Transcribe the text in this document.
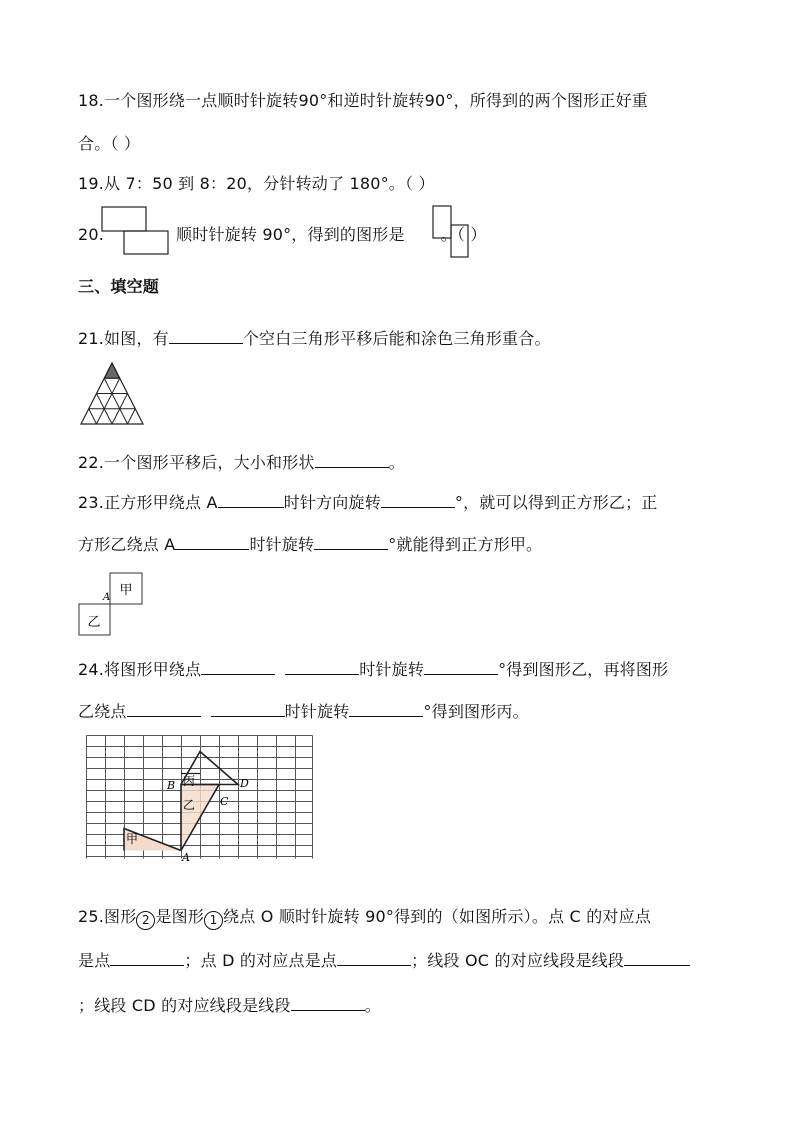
18.一个图形绕一点顺时针旋转90°和逆时针旋转90°，所得到的两个图形正好重
合。（ ）
19.从 7：50 到 8：20，分针转动了 180°。（ ）
20.	顺时针旋转 90°，得到的图形是 。（ ）
三、填空题
21.如图，有	个空白三角形平移后能和涂色三角形重合。
22.一个图形平移后，大小和形状	。
23.正方形甲绕点 A	时针方向旋转	°，就可以得到正方形乙；正
方形乙绕点 A	时针旋转	°就能得到正方形甲。
甲
乙
A
24.将图形甲绕点	时针旋转	°得到图形乙，再将图形
乙绕点	时针旋转	°得到图形丙。
甲
乙
丙
A
B
C
D
25.图形 2 是图形 1 绕点 O 顺时针旋转 90°得到的（如图所示）。点 C 的对应点
是点	；点 D 的对应点是点	；线段 OC 的对应线段是线段
；线段 CD 的对应线段是线段	。
